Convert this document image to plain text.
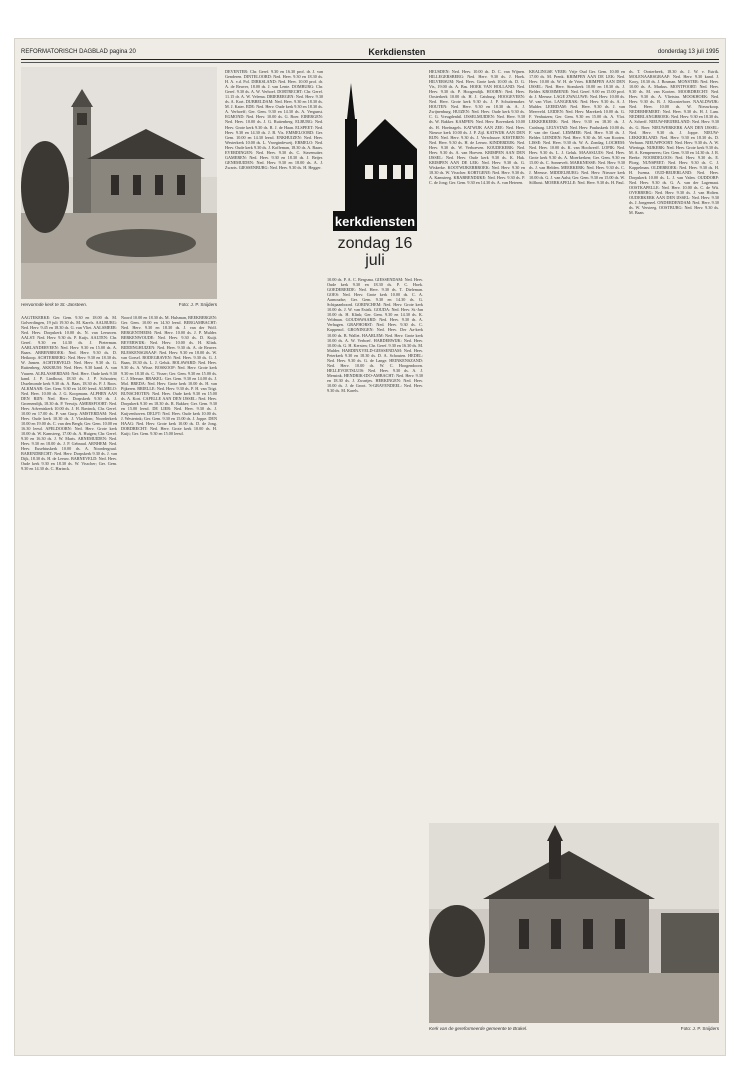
REFORMATORISCH DAGBLAD pagina 20	Kerkdiensten	donderdag 13 juli 1995
Hervormde kerk te St.-Jansteen.	Foto: J. P. Snijders
kerkdiensten
zondag 16 juli

AAGTEKERKE: Ger. Gem. 9.30 en 18.00 ds. M. Golverdingen, 19 juli 19.30 ds. M. Karels. AALBURG: Ned. Herv. 9.45 en 18.30 ds. G. van Vliet. AALSMEER: Ned. Herv. Dorpskerk 10.00 ds. N. van Leeuwen. AALST: Ned. Herv. 9.30 ds. P. Kuijs. AALTEN: Chr. Geref. 9.30 en 14.30 ds. J. Pieterman. AARLANDERVEEN: Ned. Herv. 9.30 en 15.00 ds. A. Baars. ABBENBROEK: Ned. Herv. 9.30 ds. D. Heikoop. ACHTERBERG: Ned. Herv. 9.30 en 18.30 ds. W. Jansen. ACHTERVELD: Ned. Herv. 9.30 ds. G. Ruitenberg. AKKRUM: Ned. Herv. 9.30 kand. A. van Vuuren. ALBLASSERDAM: Ned. Herv. Oude kerk 9.30 kand. J. P. Lindhout, 18.30 ds. J. P. Schouten; IJsselmonde kerk 9.30 ds. A. Baas, 18.30 ds. P. J. Roos. ALKMAAR: Ger. Gem. 9.30 en 14.00 leesd. ALMELO: Ned. Herv. 10.00 ds. J. G. Koopmans. ALPHEN AAN DEN RIJN: Ned. Herv. Dorpskerk 9.30 ds. J. Groenendijk, 18.30 ds. P. Verwijs. AMERSFOORT: Ned. Herv. Adventskerk 10.00 ds. J. H. Bavinck, Chr. Geref. 10.00 en 17.00 ds. P. van Gurp. AMSTERDAM: Ned. Herv. Oude kerk 10.30 ds. J. Vlasblom; Noorderkerk 10.00 en 19.00 ds. C. van den Bergh; Ger. Gem. 10.00 en 16.30 leesd. APELDOORN: Ned. Herv. Grote kerk 10.00 ds. W. Kamsteeg, 17.00 ds. A. Huigen; Chr. Geref. 9.30 en 16.30 ds. J. W. Maris. ARNEMUIDEN: Ned. Herv. 9.30 en 18.00 ds. J. P. Gebraad. ARNHEM: Ned. Herv. Eusebiuskerk 10.00 ds. A. Noordergraaf. BARENDRECHT: Ned. Herv. Dorpskerk 9.30 ds. J. van Dijk, 18.30 ds. H. de Leeuw. BARNEVELD: Ned. Herv. Oude kerk 9.30 en 18.30 ds. W. Visscher; Ger. Gem. 9.30 en 14.30 ds. C. Harinck.

Noord 10.00 en 18.30 ds. M. Hulsman, BEEKBERGEN: Ger. Gem. 10.00 en 14.30 leesd. BERGAMBACHT: Ned. Herv. 9.30 en 18.30 ds. J. van der Wolf. BERGENTHEIM: Ned. Herv. 10.00 ds. J. P. Mulder. BERKENWOUDE: Ned. Herv. 9.30 ds. D. Kuijt. BEVERWIJK: Ned. Herv. 10.00 ds. H. Klink. BIDDINGHUIZEN: Ned. Herv. 9.30 ds. A. de Reuver. BLESKENSGRAAF: Ned. Herv. 9.30 en 18.00 ds. W. van Gorsel. BODEGRAVEN: Ned. Herv. 9.30 ds. G. J. Baan, 18.30 ds. L. J. Geluk. BOLSWARD: Ned. Herv. 9.30 ds. A. Wisse. BOSKOOP: Ned. Herv. Grote kerk 9.30 en 18.30 ds. C. Visser; Ger. Gem. 9.30 en 15.00 ds. C. J. Meeuse. BRAKEL: Ger. Gem. 9.30 en 14.00 ds. J. Mol. BREDA: Ned. Herv. Grote kerk 10.00 ds. H. van Pijkeren. BRIELLE: Ned. Herv. 9.30 ds. P. H. van Trigt. BUNSCHOTEN: Ned. Herv. Oude kerk 9.30 en 15.00 ds. A. Kort. CAPELLE AAN DEN IJSSEL: Ned. Herv. Dorpskerk 9.30 en 18.30 ds. R. Bakker; Ger. Gem. 9.30 en 15.00 leesd. DE LIER: Ned. Herv. 9.30 ds. J. Kuijvenhoven. DELFT: Ned. Herv. Oude kerk 10.00 ds. J. Westerink; Ger. Gem. 9.30 en 15.00 ds. J. Joppe. DEN HAAG: Ned. Herv. Grote kerk 10.00 ds. D. de Jong. DORDRECHT: Ned. Herv. Grote kerk 10.00 ds. H. Kuijt; Ger. Gem. 9.30 en 15.00 leesd.

DEVENTER: Chr. Geref. 9.30 en 16.30 prof. dr. J. van Genderen. DINTELOORD: Ned. Herv. 9.30 en 18.30 ds. H. A. v.d. Pol. DIRKSLAND: Ned. Herv. 10.00 prof. dr. A. de Reuver, 18.00 ds. J. van Lente. DOMBURG: Chr. Geref. 9.30 ds. A. W. Verhoef. DORTRECHT: Chr. Geref. 11.15 dr. A. W. Velema. DRIEBERGEN: Ned. Herv. 9.30 ds. A. Kort. DUBBELDAM: Ned. Herv. 9.30 en 18.30 ds. M. J. Kater. EDE: Ned. Herv. Oude kerk 9.30 en 18.30 ds. A. Verhoeff; Ger. Gem. 9.30 en 14.30 ds. A. Vergunst. EGMOND: Ned. Herv. 10.00 ds. G. Boer. EIBERGEN: Ned. Herv. 10.00 ds. J. G. Ruitenberg. ELBURG: Ned. Herv. Grote kerk 9.30 ds. R. J. de Haan. ELSPEET: Ned. Herv. 9.30 en 14.30 ds. J. B. Vis. EMMELOORD: Ger. Gem. 10.00 en 14.30 leesd. ENKHUIZEN: Ned. Herv. Westerkerk 10.00 ds. L. Vroegindeweij. ERMELO: Ned. Herv. Oude kerk 9.30 ds. J. Koffeman, 18.30 ds. A. Baars. EVERDINGEN: Ned. Herv. 9.30 ds. C. Stavenuiter. GAMEREN: Ned. Herv. 9.30 en 18.30 ds. J. Beijer. GENEMUIDEN: Ned. Herv. 9.30 en 18.00 ds. A. J. Zwarts. GIESSENBURG: Ned. Herv. 9.30 ds. H. Hegger.

10.00 ds. P. A. C. Bergsma. GIESSENDAM: Ned. Herv. Oude kerk 9.30 en 18.30 ds. P. C. Hoek. GOEDEREEDE: Ned. Herv. 9.30 ds. T. Dieleman. GOES: Ned. Herv. Grote kerk 10.00 ds. C. A. Aarnoudse; Ger. Gem. 9.30 en 14.30 ds. G. Schipaanboord. GORINCHEM: Ned. Herv. Grote kerk 10.00 ds. J. W. van Estrik. GOUDA: Ned. Herv. St.-Jan 10.00 ds. H. Klink; Ger. Gem. 9.30 en 14.30 ds. K. Veldman. GOUDSWAARD: Ned. Herv. 9.30 ds. A. Verhagen. GRAFHORST: Ned. Herv. 9.30 ds. C. Koppenol. GRONINGEN: Ned. Herv. Der Aa-kerk 10.00 ds. B. Wallet. HAARLEM: Ned. Herv. Grote kerk 10.00 ds. A. W. Verhoef. HARDERWIJK: Ned. Herv. 10.00 ds. G. H. Kersten; Chr. Geref. 9.30 en 16.30 ds. M. Mulder. HARDINXVELD-GIESSENDAM: Ned. Herv. Peterkerk 9.30 en 18.30 ds. D. A. Schouten. HEDEL: Ned. Herv. 9.30 ds. G. de Lange. HEINKENSZAND: Ned. Herv. 10.00 ds. W. C. Hoogendoorn. HELLEVOETSLUIS: Ned. Herv. 9.30 ds. A. J. Mensink. HENDRIK-IDO-AMBACHT: Ned. Herv. 9.30 en 18.30 ds. J. Zwartjes. HERKINGEN: Ned. Herv. 10.00 ds. J. de Groot. 'S-GRAVENDEEL: Ned. Herv. 9.30 ds. M. Karels.

HEUSDEN: Ned. Herv. 10.00 ds. D. C. van Wijnen. HILLEGERSBERG: Ned. Herv. 9.30 ds. J. Hoek. HILVERSUM: Ned. Herv. Grote kerk 10.00 ds. D. G. Vis, 19.00 ds. A. Bas. HOEK VAN HOLLAND: Ned. Herv. 9.30 ds. P. Hoogendijk. HOORN: Ned. Herv. Oosterkerk 10.00 ds. H. J. Catsburg. HOOGEVEEN: Ned. Herv. Grote kerk 9.30 ds. J. P. Schuitemaker. HOUTEN: Ned. Herv. 9.30 en 18.30 ds. A. J. Zwijnenburg. HUIZEN: Ned. Herv. Oude kerk 9.30 ds. C. G. Vreugdenhil. IJSSELMUIDEN: Ned. Herv. 9.30 ds. W. Bakker. KAMPEN: Ned. Herv. Bovenkerk 10.00 ds. H. Hoefnagels. KATWIJK AAN ZEE: Ned. Herv. Nieuwe kerk 10.00 ds. J. P. Zijl. KATWIJK AAN DEN RIJN: Ned. Herv. 9.30 ds. J. Verschuure. KESTEREN: Ned. Herv. 9.30 ds. H. de Leeuw. KINDERDIJK: Ned. Herv. 9.30 ds. W. Verhoeven. KOUDEKERK: Ned. Herv. 9.30 ds. A. van Hoeven. KRIMPEN AAN DEN IJSSEL: Ned. Herv. Oude kerk 9.30 ds. K. Hak. KRIMPEN AAN DE LEK: Ned. Herv. 9.30 ds. G. Wiskerke. KOOTWIJKERBROEK: Ned. Herv. 9.30 en 18.30 ds. W. Visscher. KORTGENE: Ned. Herv. 9.30 ds. A. Kamsteeg. KRABBENDIJKE: Ned. Herv. 9.30 ds. P. C. de Jong; Ger. Gem. 9.30 en 14.30 ds. A. van Heteren.

KRALINGSE VEER: Vrije Oud Ger. Gem. 10.00 en 17.00 ds. M. Prenk. KRIMPEN AAN DE LEK: Ned. Herv. 10.00 ds. W. H. de Vries. KRIMPEN AAN DEN IJSSEL: Ned. Herv. Sionskerk 10.00 en 18.30 ds. J. Belder. KROMMENIE: Ned. Geref. 9.00 en 15.00 prof. dr. J. Meeuse. LAGE ZWALUWE: Ned. Herv. 10.00 ds. W. van Vliet. LANGERAK: Ned. Herv. 9.30 ds. A. J. Mulder. LEERDAM: Ned. Herv. 9.30 ds. J. van Meerveld. LEIDEN: Ned. Herv. Marekerk 10.00 ds. G. F. Venhuizen; Ger. Gem. 9.30 en 15.00 ds. A. Vlot. LEKKERKERK: Ned. Herv. 9.30 en 18.30 ds. J. Catsburg. LELYSTAD: Ned. Herv. Pauluskerk 10.00 ds. F. van der Graaf. LEMMER: Ned. Herv. 9.30 ds. J. Belder. LIENDEN: Ned. Herv. 9.30 ds. M. van Kooten. LISSE: Ned. Herv. 9.30 ds. W. A. Zondag. LOCHEM: Ned. Herv. 10.00 ds. K. van Hoolwerff. LOPIK: Ned. Herv. 9.30 ds. L. J. Geluk. MAASSLUIS: Ned. Herv. Grote kerk 9.30 ds. A. Moerkerken; Ger. Gem. 9.30 en 15.00 ds. C. Sonnevelt. MARKNESSE: Ned. Herv. 9.30 ds. J. van Helden. MEERKERK: Ned. Herv. 9.30 ds. C. J. Meeuse. MIDDELBURG: Ned. Herv. Nieuwe kerk 10.00 ds. G. J. van Aalst; Ger. Gem. 9.30 en 15.00 ds. W. Silfhout. MOERKAPELLE: Ned. Herv. 9.30 ds. H. Paul.

ds. T. Oosterbeek, 18.30 ds. J. W. v. Estrik. MOLENAARSGRAAF: Ned. Herv. 9.30 kand. J. Kooy, 18.30 ds. J. Bosman. MONSTER: Ned. Herv. 10.00 ds. A. Markus. MONTFOORT: Ned. Herv. 9.30 ds. M. van Kooten. MOORDRECHT: Ned. Herv. 9.30 ds. A. Vlietstra. MOOKHOEK: Ned. Herv. 9.30 ds. B. J. Kloosterboer. NAALDWIJK: Ned. Herv. 10.00 ds. W. Nieuwkoop. NEDERHEMERT: Ned. Herv. 9.30 ds. H. J. Lam. NEDERLANGBROEK: Ned. Herv. 9.30 en 18.30 ds. A. Scherff. NIEUW-BEIJERLAND: Ned. Herv. 9.30 ds. G. Boer. NIEUWERKERK AAN DEN IJSSEL: Ned. Herv. 9.30 ds. J. Joppe. NIEUW-LEKKERLAND: Ned. Herv. 9.30 en 18.30 ds. D. Verbaan. NIEUWPOORT: Ned. Herv. 9.30 ds. A. W. Wieringa. NIJKERK: Ned. Herv. Grote kerk 9.30 ds. M. A. Kempeneers; Ger. Gem. 9.30 en 14.30 ds. J. R. Beeke. NOORDELOOS: Ned. Herv. 9.30 ds. E. Ploeg. NUNSPEET: Ned. Herv. 9.30 ds. C. J. Koppelman. OLDEBROEK: Ned. Herv. 9.30 ds. H. H. Iwema. OUD-BEIJERLAND: Ned. Herv. Dorpskerk 10.00 ds. L. J. van Valen. OUDDORP: Ned. Herv. 9.30 ds. G. A. van der Lagemaat. OOSTKAPELLE: Ned. Herv. 10.00 ds. C. de Wit. OVERBERG: Ned. Herv. 9.30 ds. J. van Holten. OUDERKERK AAN DEN IJSSEL: Ned. Herv. 9.30 ds. J. Jongeneel. ONDERDENDAM: Ned. Herv. 9.30 ds. W. Versteeg. OOSTBURG: Ned. Herv. 9.30 ds. M. Baan.

Kerk van de gereformeerde gemeente te Brakel.	Foto: J. P. Snijders
